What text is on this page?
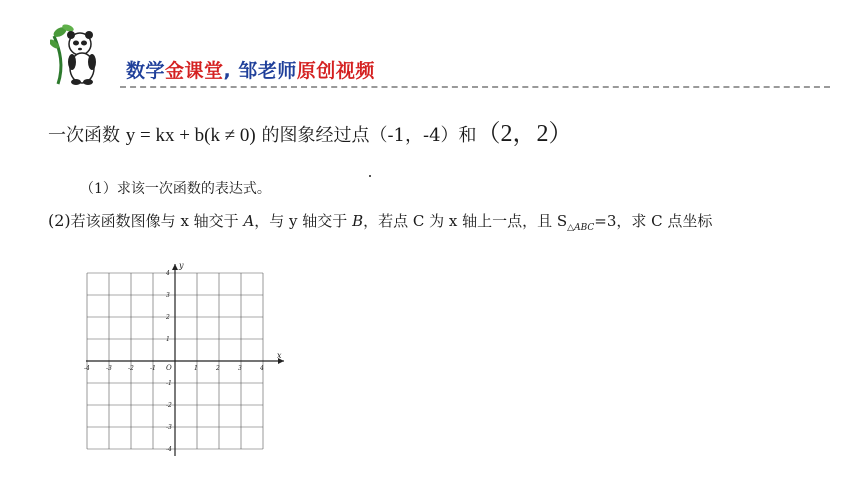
数学金课堂, 邹老师原创视频
一次函数 y = kx + b(k ≠ 0) 的图象经过点（-1，-4）和（2，2）
（1）求该一次函数的表达式。
(2)若该函数图像与 x 轴交于 A，与 y 轴交于 B，若点 C 为 x 轴上一点，且 $S_{\triangle ABC}=3$，求 C 点坐标
x
y
O
-4	-3	-2	-1	1	2	3	4
4
3
2
1
-1
-2
-3
-4
